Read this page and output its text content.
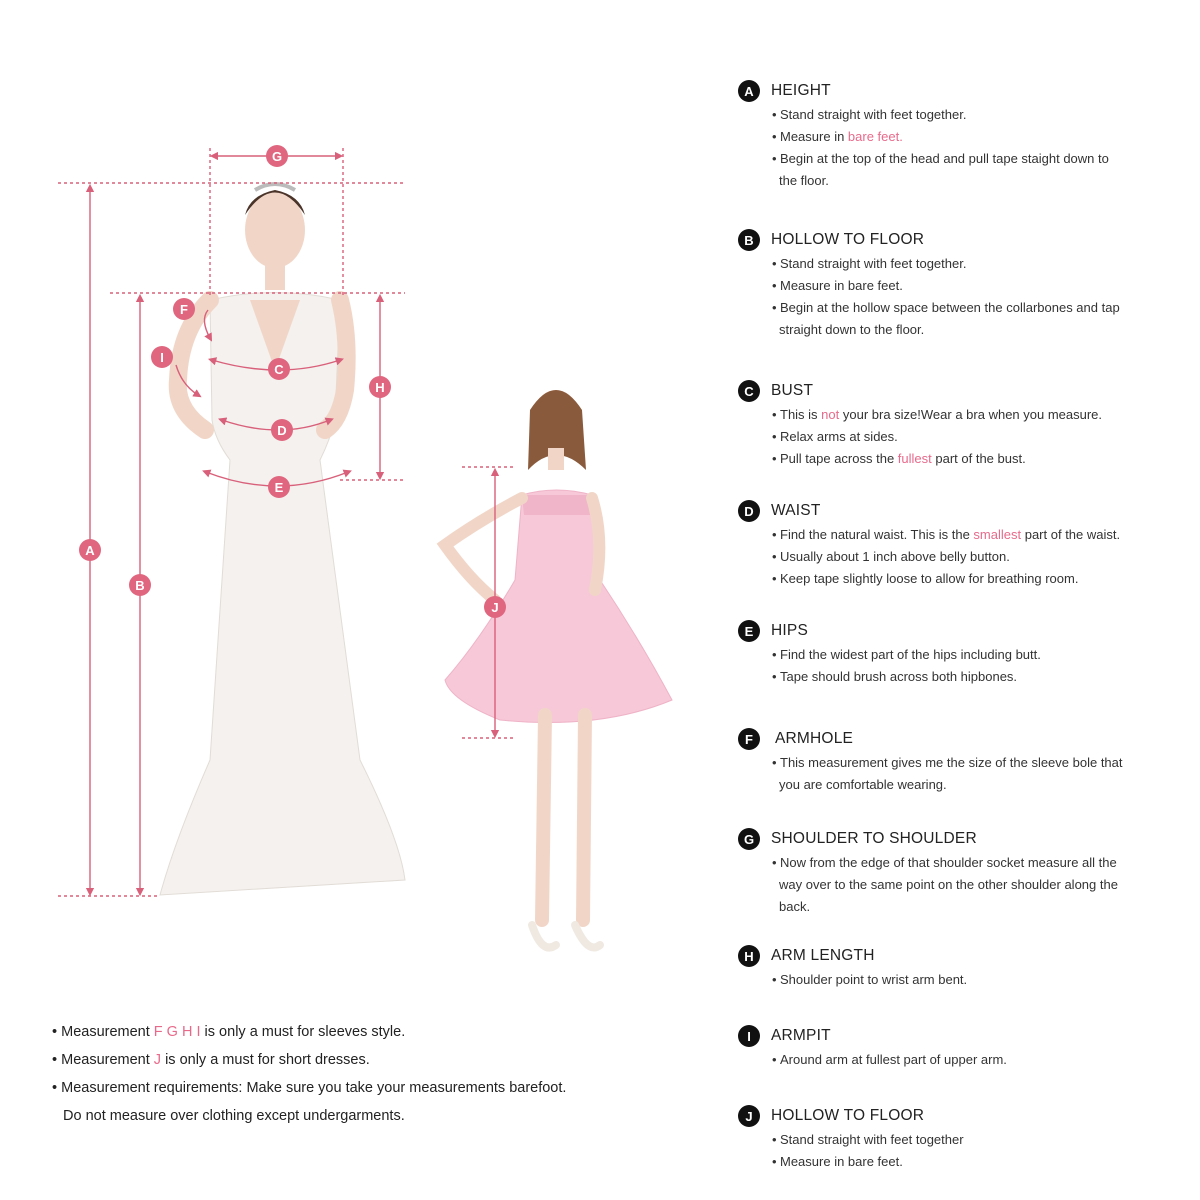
A
B
C
D
E
F
G
H
I
J
• Measurement F G H I is only a must for sleeves style.
• Measurement J is only a must for short dresses.
• Measurement requirements: Make sure you take your measurements barefoot.
Do not measure over clothing except undergarments.
A	HEIGHT
• Stand straight with feet together.
• Measure in bare feet.
• Begin at the top of the head and pull tape staight down to
the floor.
B	HOLLOW TO FLOOR
• Stand straight with feet together.
• Measure in bare feet.
• Begin at the hollow space between the collarbones and tap
straight down to the floor.
C	BUST
• This is not your bra size!Wear a bra when you measure.
• Relax arms at sides.
• Pull tape across the fullest part of the bust.
D	WAIST
• Find the natural waist. This is the smallest part of the waist.
• Usually about 1 inch above belly button.
• Keep tape slightly loose to allow for breathing room.
E	HIPS
• Find the widest part of the hips including butt.
• Tape should brush across both hipbones.
F	ARMHOLE
• This measurement gives me the size of the sleeve bole that
you are comfortable wearing.
G	SHOULDER TO SHOULDER
• Now from the edge of that shoulder socket measure all the
way over to the same point on the other shoulder along the
back.
H	ARM LENGTH
• Shoulder point to wrist arm bent.
I	ARMPIT
• Around arm at fullest part of upper arm.
J	HOLLOW TO FLOOR
• Stand straight with feet together
• Measure in bare feet.
